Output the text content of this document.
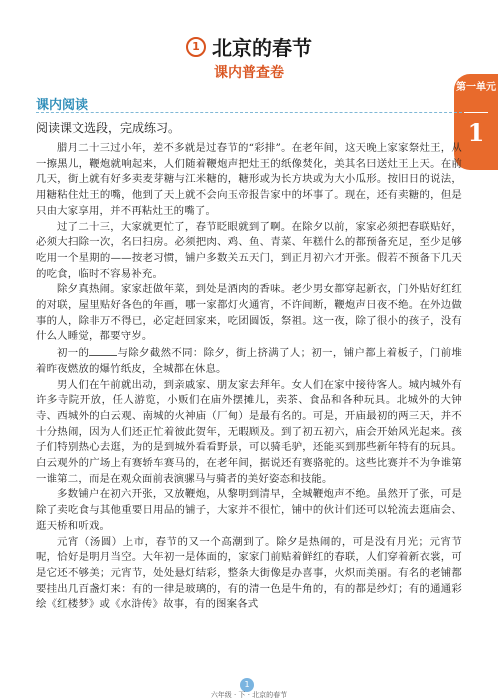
1 北京的春节
课内普查卷
第一单元
1
课内阅读
阅读课文选段，完成练习。

腊月二十三过小年，差不多就是过春节的“彩排”。在老年间，这天晚上家家祭灶王，从一擦黑儿，鞭炮就响起来，人们随着鞭炮声把灶王的纸像焚化，美其名曰送灶王上天。在前几天，街上就有好多卖麦芽糖与江米糖的，糖形或为长方块或为大小瓜形。按旧日的说法，用糖粘住灶王的嘴，他到了天上就不会向玉帝报告家中的坏事了。现在，还有卖糖的，但是只由大家享用，并不再粘灶王的嘴了。

过了二十三，大家就更忙了，春节眨眼就到了啊。在除夕以前，家家必须把春联贴好，必须大扫除一次，名曰扫房。必须把肉、鸡、鱼、青菜、年糕什么的都预备充足，至少足够吃用一个星期的——按老习惯，铺户多数关五天门，到正月初六才开张。假若不预备下几天的吃食，临时不容易补充。

除夕真热闹。家家赶做年菜，到处是酒肉的香味。老少男女都穿起新衣，门外贴好红红的对联，屋里贴好各色的年画，哪一家都灯火通宵，不许间断，鞭炮声日夜不绝。在外边做事的人，除非万不得已，必定赶回家来，吃团圆饭，祭祖。这一夜，除了很小的孩子，没有什么人睡觉，都要守岁。

初一的	与除夕截然不同：除夕，街上挤满了人；初一，铺户都上着板子，门前堆着昨夜燃放的爆竹纸皮，全城都在休息。

男人们在午前就出动，到亲戚家、朋友家去拜年。女人们在家中接待客人。城内城外有许多寺院开放，任人游览，小贩们在庙外摆摊儿，卖茶、食品和各种玩具。北城外的大钟寺、西城外的白云观、南城的火神庙（厂甸）是最有名的。可是，开庙最初的两三天，并不十分热闹，因为人们还正忙着彼此贺年，无暇顾及。到了初五初六，庙会开始风光起来。孩子们特别热心去逛，为的是到城外看看野景，可以骑毛驴，还能买到那些新年特有的玩具。白云观外的广场上有赛轿车赛马的，在老年间，据说还有赛骆驼的。这些比赛并不为争谁第一谁第二，而是在观众面前表演骡马与骑者的美好姿态和技能。

多数铺户在初六开张，又放鞭炮，从黎明到清早，全城鞭炮声不绝。虽然开了张，可是除了卖吃食与其他重要日用品的铺子，大家并不很忙，铺中的伙计们还可以轮流去逛庙会、逛天桥和听戏。

元宵（汤圆）上市，春节的又一个高潮到了。除夕是热闹的，可是没有月光；元宵节呢，恰好是明月当空。大年初一是体面的，家家门前贴着鲜红的春联，人们穿着新衣裳，可是它还不够美；元宵节，处处悬灯结彩，整条大街像是办喜事，火炽而美丽。有名的老铺都要挂出几百盏灯来：有的一律是玻璃的，有的清一色是牛角的，有的都是纱灯；有的通通彩绘《红楼梦》或《水浒传》故事，有的图案各式

1
六年级 · 下 · 北京的春节
